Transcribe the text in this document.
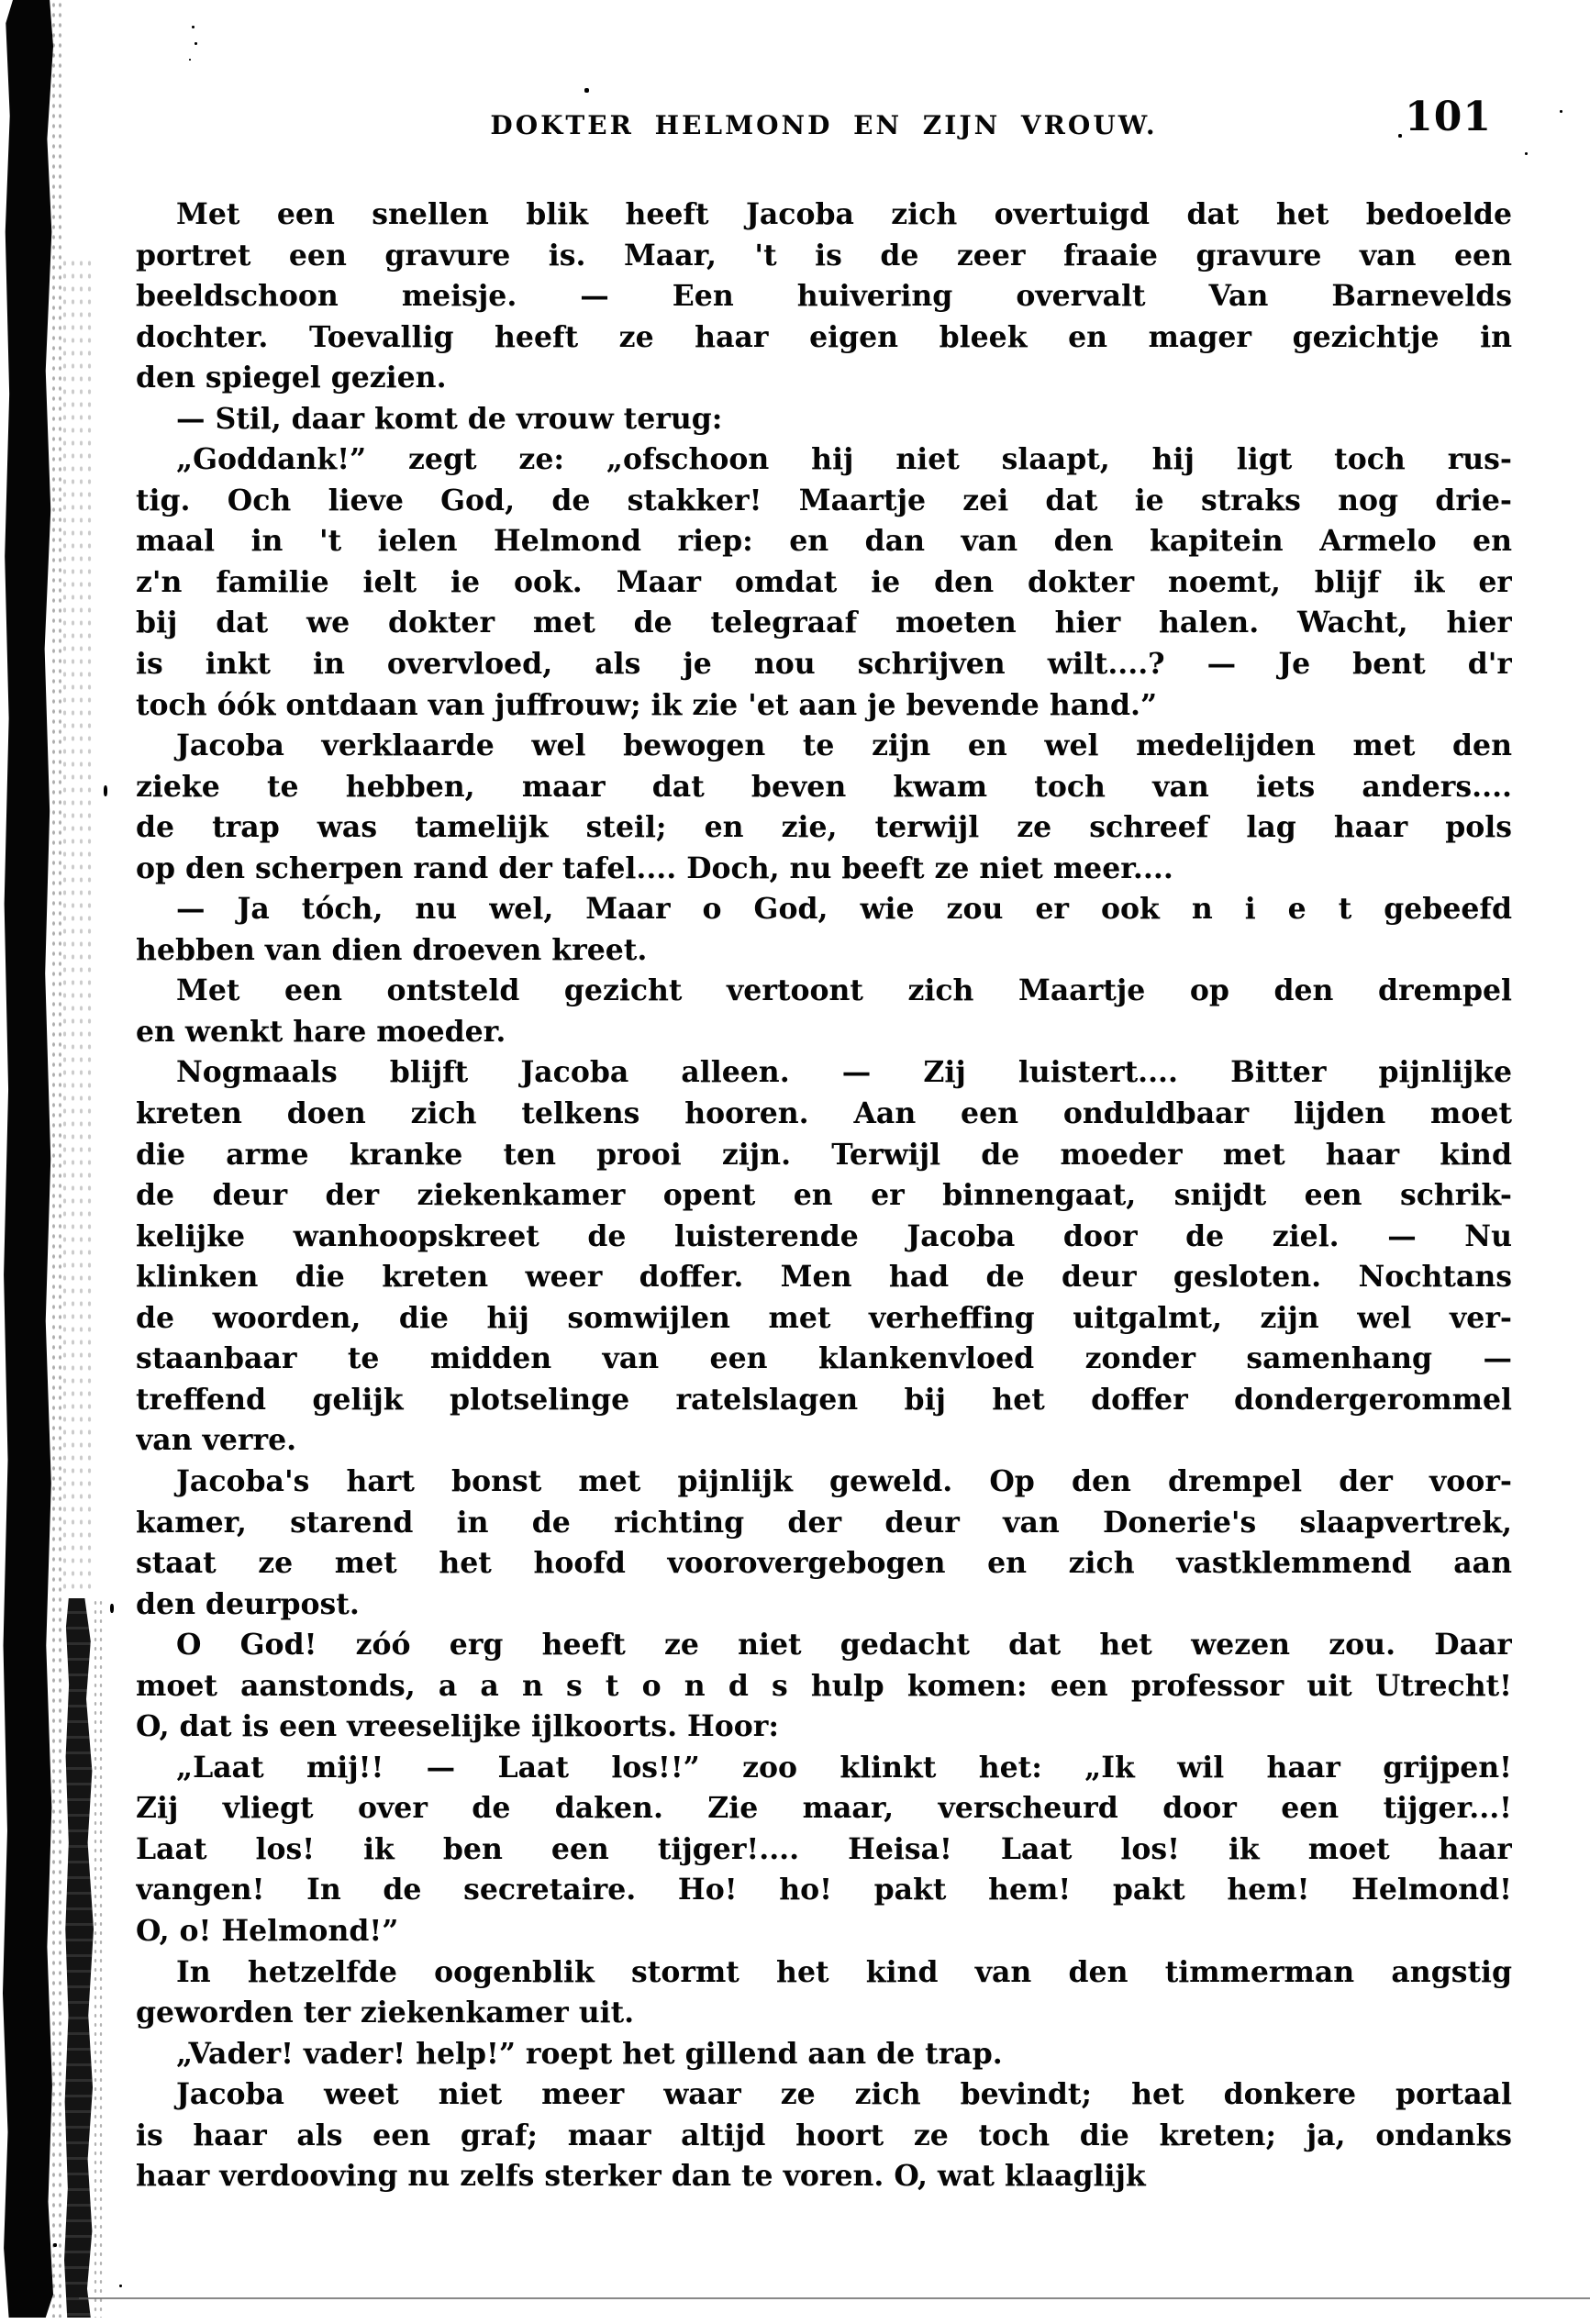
DOKTER HELMOND EN ZIJN VROUW.	101

Met een snellen blik heeft Jacoba zich overtuigd dat het bedoelde
portret een gravure is. Maar, 't is de zeer fraaie gravure van een
beeldschoon meisje. — Een huivering overvalt Van Barnevelds
dochter. Toevallig heeft ze haar eigen bleek en mager gezichtje in
den spiegel gezien.

— Stil, daar komt de vrouw terug:

„Goddank!” zegt ze: „ofschoon hij niet slaapt, hij ligt toch rus-
tig. Och lieve God, de stakker! Maartje zei dat ie straks nog drie-
maal in 't ielen Helmond riep: en dan van den kapitein Armelo en
z'n familie ielt ie ook. Maar omdat ie den dokter noemt, blijf ik er
bij dat we dokter met de telegraaf moeten hier halen. Wacht, hier
is inkt in overvloed, als je nou schrijven wilt....? — Je bent d'r
toch óók ontdaan van juffrouw; ik zie 'et aan je bevende hand.”

Jacoba verklaarde wel bewogen te zijn en wel medelijden met den
zieke te hebben, maar dat beven kwam toch van iets anders....
de trap was tamelijk steil; en zie, terwijl ze schreef lag haar pols
op den scherpen rand der tafel.... Doch, nu beeft ze niet meer....

— Ja tóch, nu wel, Maar o God, wie zou er ook n i e t gebeefd
hebben van dien droeven kreet.

Met een ontsteld gezicht vertoont zich Maartje op den drempel
en wenkt hare moeder.

Nogmaals blijft Jacoba alleen. — Zij luistert.... Bitter pijnlijke
kreten doen zich telkens hooren. Aan een onduldbaar lijden moet
die arme kranke ten prooi zijn. Terwijl de moeder met haar kind
de deur der ziekenkamer opent en er binnengaat, snijdt een schrik-
kelijke wanhoopskreet de luisterende Jacoba door de ziel. — Nu
klinken die kreten weer doffer. Men had de deur gesloten. Nochtans
de woorden, die hij somwijlen met verheffing uitgalmt, zijn wel ver-
staanbaar te midden van een klankenvloed zonder samenhang —
treffend gelijk plotselinge ratelslagen bij het doffer dondergerommel
van verre.

Jacoba's hart bonst met pijnlijk geweld. Op den drempel der voor-
kamer, starend in de richting der deur van Donerie's slaapvertrek,
staat ze met het hoofd voorovergebogen en zich vastklemmend aan
den deurpost.

O God! zóó erg heeft ze niet gedacht dat het wezen zou. Daar
moet aanstonds, a a n s t o n d s hulp komen: een professor uit Utrecht!
O, dat is een vreeselijke ijlkoorts. Hoor:

„Laat mij!! — Laat los!!” zoo klinkt het: „Ik wil haar grijpen!
Zij vliegt over de daken. Zie maar, verscheurd door een tijger...!
Laat los! ik ben een tijger!.... Heisa! Laat los! ik moet haar
vangen! In de secretaire. Ho! ho! pakt hem! pakt hem! Helmond!
O, o! Helmond!”

In hetzelfde oogenblik stormt het kind van den timmerman angstig
geworden ter ziekenkamer uit.

„Vader! vader! help!” roept het gillend aan de trap.

Jacoba weet niet meer waar ze zich bevindt; het donkere portaal
is haar als een graf; maar altijd hoort ze toch die kreten; ja, ondanks
haar verdooving nu zelfs sterker dan te voren. O, wat klaaglijk
